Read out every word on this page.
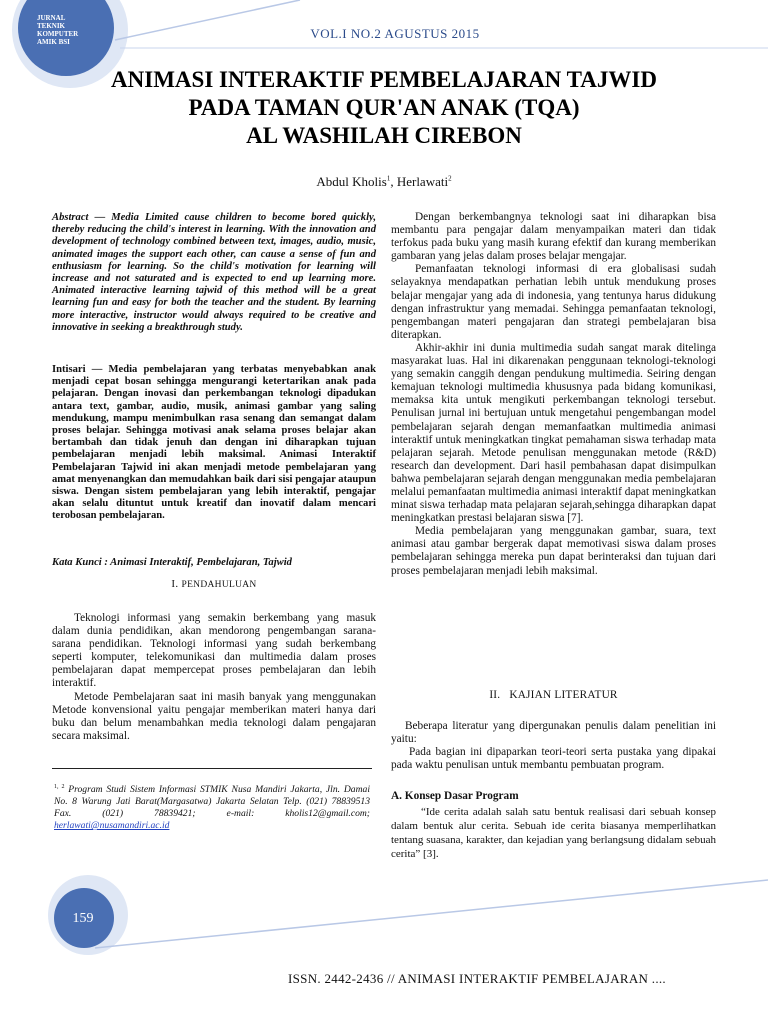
JURNAL
TEKNIK
KOMPUTER
AMIK BSI
VOL.I NO.2 AGUSTUS 2015
ANIMASI INTERAKTIF PEMBELAJARAN TAJWID
PADA TAMAN QUR'AN ANAK (TQA)
AL WASHILAH CIREBON
Abdul Kholis$^1$, Herlawati$^2$
Abstract — Media Limited cause children to become bored quickly, thereby reducing the child's interest in learning. With the innovation and development of technology combined between text, images, audio, music, animated images the support each other, can cause a sense of fun and enthusiasm for learning. So the child's motivation for learning will increase and not saturated and is expected to end up learning more. Animated interactive learning tajwid of this method will be a great learning fun and easy for both the teacher and the student. By learning more interactive, instructor would always required to be creative and innovative in seeking a breakthrough study.
Intisari — Media pembelajaran yang terbatas menyebabkan anak menjadi cepat bosan sehingga mengurangi ketertarikan anak pada pelajaran. Dengan inovasi dan perkembangan teknologi dipadukan antara text, gambar, audio, musik, animasi gambar yang saling mendukung, mampu menimbulkan rasa senang dan semangat dalam proses belajar. Sehingga motivasi anak selama proses belajar akan bertambah dan tidak jenuh dan dengan ini diharapkan tujuan pembelajaran menjadi lebih maksimal. Animasi Interaktif Pembelajaran Tajwid ini akan menjadi metode pembelajaran yang amat menyenangkan dan memudahkan baik dari sisi pengajar ataupun siswa. Dengan sistem pembelajaran yang lebih interaktif, pengajar akan selalu dituntut untuk kreatif dan inovatif dalam mencari terobosan pembelajaran.
Kata Kunci : Animasi Interaktif, Pembelajaran, Tajwid
I. PENDAHULUAN

Teknologi informasi yang semakin berkembang yang masuk dalam dunia pendidikan, akan mendorong pengembangan sarana-sarana pendidikan. Teknologi informasi yang sudah berkembang seperti komputer, telekomunikasi dan multimedia dalam proses pembelajaran dapat mempercepat proses pembelajaran dan lebih interaktif.

Metode Pembelajaran saat ini masih banyak yang menggunakan Metode konvensional yaitu pengajar memberikan materi hanya dari buku dan belum menambahkan media teknologi dalam pengajaran secara maksimal.

$^{1, 2}$ Program Studi Sistem Informasi STMIK Nusa Mandiri Jakarta, Jln. Damai No. 8 Warung Jati Barat(Margasatwa) Jakarta Selatan Telp. (021) 78839513 Fax. (021) 78839421; e-mail: kholis12@gmail.com; herlawati@nusamandiri.ac.id

Dengan berkembangnya teknologi saat ini diharapkan bisa membantu para pengajar dalam menyampaikan materi dan tidak terfokus pada buku yang masih kurang efektif dan kurang memberikan gambaran yang jelas dalam proses belajar mengajar.

Pemanfaatan teknologi informasi di era globalisasi sudah selayaknya mendapatkan perhatian lebih untuk mendukung proses belajar mengajar yang ada di indonesia, yang tentunya harus didukung dengan infrastruktur yang memadai. Sehingga pemanfaatan teknologi, pengembangan materi pengajaran dan strategi pembelajaran bisa diterapkan.

Akhir-akhir ini dunia multimedia sudah sangat marak ditelinga masyarakat luas. Hal ini dikarenakan penggunaan teknologi-teknologi yang semakin canggih dengan pendukung multimedia. Seiring dengan kemajuan teknologi multimedia khususnya pada bidang komunikasi, memaksa kita untuk mengikuti perkembangan teknologi tersebut. Penulisan jurnal ini bertujuan untuk mengetahui pengembangan model pembelajaran sejarah dengan memanfaatkan multimedia animasi interaktif untuk meningkatkan tingkat pemahaman siswa terhadap mata pelajaran sejarah. Metode penulisan menggunakan metode (R&D) research dan development. Dari hasil pembahasan dapat disimpulkan bahwa pembelajaran sejarah dengan menggunakan media pembelajaran melalui pemanfaatan multimedia animasi interaktif dapat meningkatkan minat siswa terhadap mata pelajaran sejarah,sehingga diharapkan dapat meningkatkan prestasi belajaran siswa [7].

Media pembelajaran yang menggunakan gambar, suara, text animasi atau gambar bergerak dapat memotivasi siswa dalam proses pembelajaran sehingga mereka pun dapat berinteraksi dan tujuan dari proses pembelajaran menjadi lebih maksimal.

II. KAJIAN LITERATUR

Beberapa literatur yang dipergunakan penulis dalam penelitian ini yaitu:

Pada bagian ini dipaparkan teori-teori serta pustaka yang dipakai pada waktu penulisan untuk membantu pembuatan program.

A. Konsep Dasar Program

“Ide cerita adalah salah satu bentuk realisasi dari sebuah konsep dalam bentuk alur cerita. Sebuah ide cerita biasanya memperlihatkan tentang suasana, karakter, dan kejadian yang berlangsung didalam sebuah cerita” [3].

159
ISSN. 2442-2436 // ANIMASI INTERAKTIF PEMBELAJARAN ....
